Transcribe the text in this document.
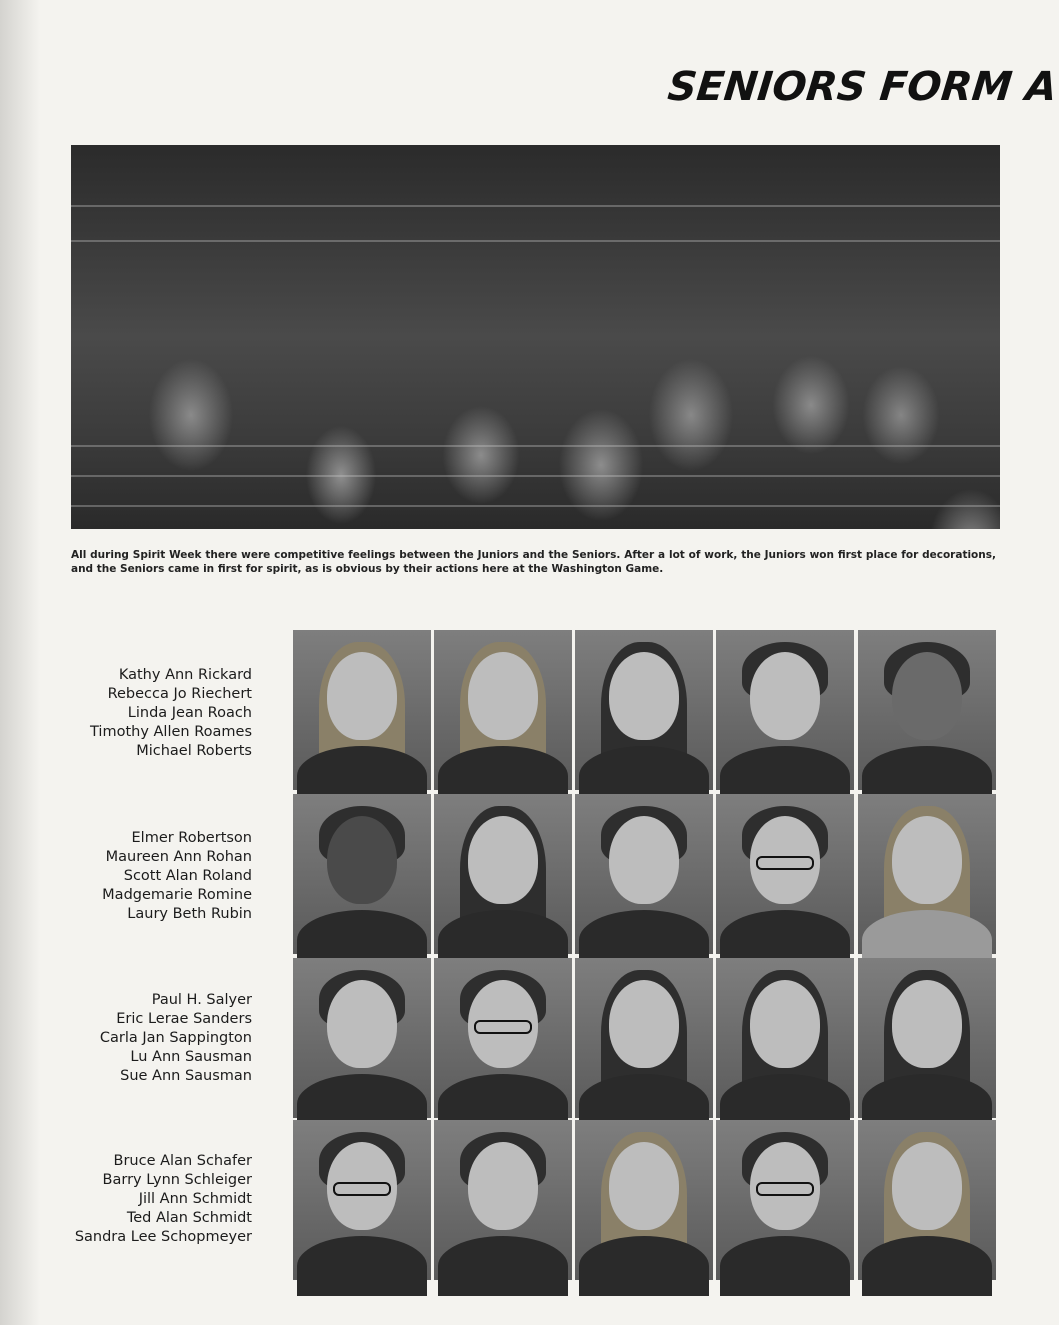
SENIORS FORM A
All during Spirit Week there were competitive feelings between the Juniors and the Seniors. After a lot of work, the Juniors won first place for decorations, and the Seniors came in first for spirit, as is obvious by their actions here at the Washington Game.
Kathy Ann Rickard
Rebecca Jo Riechert
Linda Jean Roach
Timothy Allen Roames
Michael Roberts
Elmer Robertson
Maureen Ann Rohan
Scott Alan Roland
Madgemarie Romine
Laury Beth Rubin
Paul H. Salyer
Eric Lerae Sanders
Carla Jan Sappington
Lu Ann Sausman
Sue Ann Sausman
Bruce Alan Schafer
Barry Lynn Schleiger
Jill Ann Schmidt
Ted Alan Schmidt
Sandra Lee Schopmeyer
